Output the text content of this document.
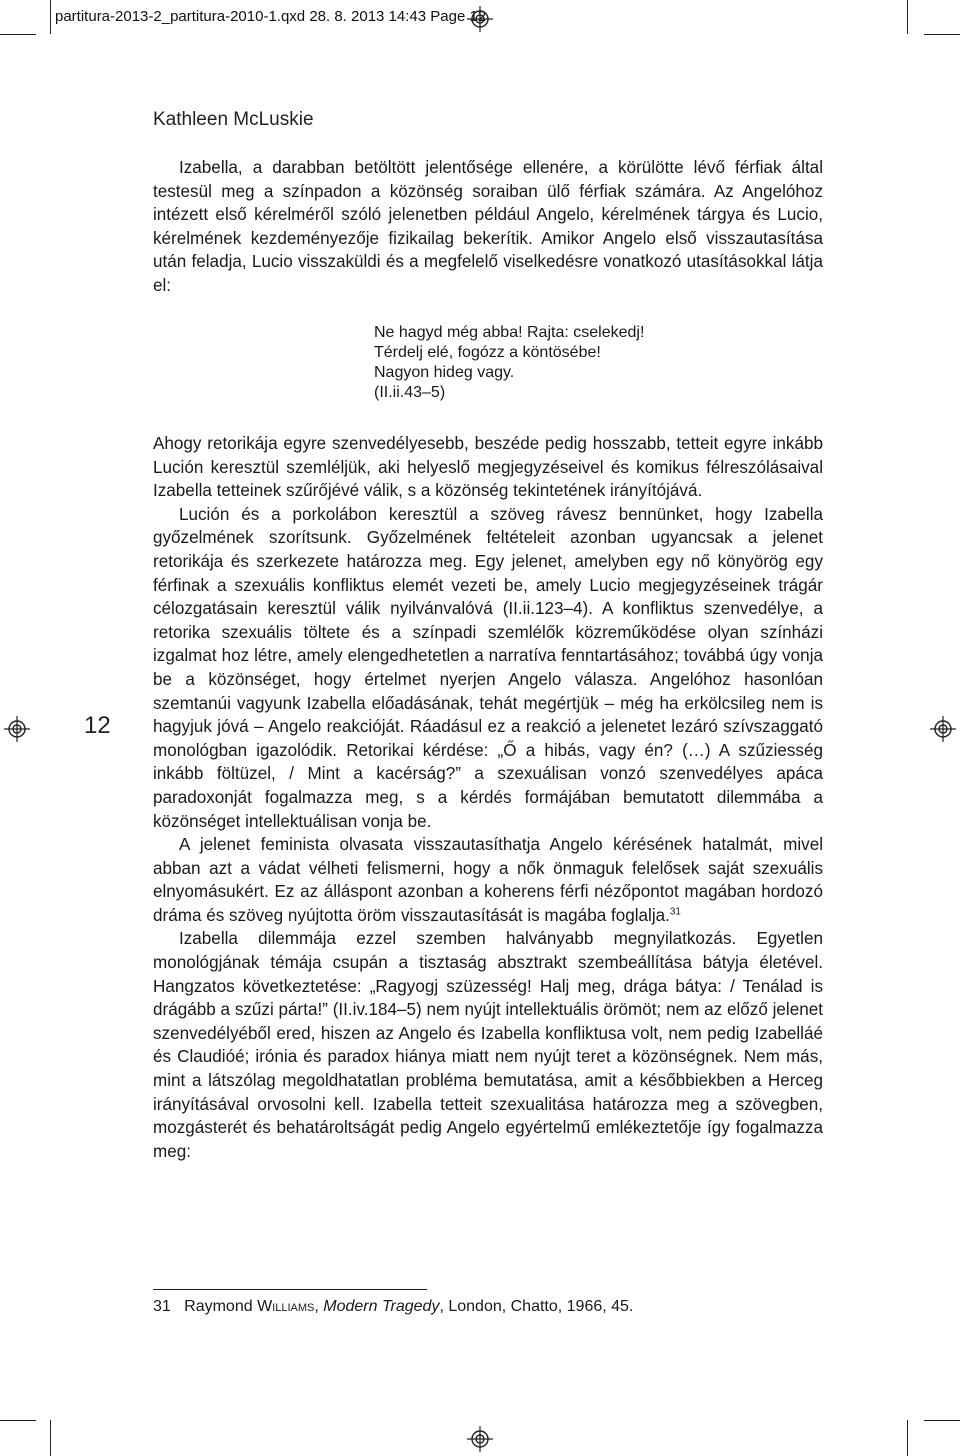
partitura-2013-2_partitura-2010-1.qxd 28. 8. 2013 14:43 Page 12
Kathleen McLuskie
12

Izabella, a darabban betöltött jelentősége ellenére, a körülötte lévő férfiak által testesül meg a színpadon a közönség soraiban ülő férfiak számára. Az Angelóhoz intézett első kérelméről szóló jelenetben például Angelo, kérelmének tárgya és Lucio, kérelmének kezdeményezője fizikailag bekerítik. Amikor Angelo első visszautasítása után feladja, Lucio visszaküldi és a megfelelő viselkedésre vonatkozó utasításokkal látja el:

Ne hagyd még abba! Rajta: cselekedj!
Térdelj elé, fogózz a köntösébe!
Nagyon hideg vagy.
(II.ii.43–5)

Ahogy retorikája egyre szenvedélyesebb, beszéde pedig hosszabb, tetteit egyre inkább Lución keresztül szemléljük, aki helyeslő megjegyzéseivel és komikus félreszólásaival Izabella tetteinek szűrőjévé válik, s a közönség tekintetének irányítójává.

Lución és a porkolábon keresztül a szöveg rávesz bennünket, hogy Izabella győzelmének szorítsunk. Győzelmének feltételeit azonban ugyancsak a jelenet retorikája és szerkezete határozza meg. Egy jelenet, amelyben egy nő könyörög egy férfinak a szexuális konfliktus elemét vezeti be, amely Lucio megjegyzéseinek trágár célozgatásain keresztül válik nyilvánvalóvá (II.ii.123–4). A konfliktus szenvedélye, a retorika szexuális töltete és a színpadi szemlélők közreműködése olyan színházi izgalmat hoz létre, amely elengedhetetlen a narratíva fenntartásához; továbbá úgy vonja be a közönséget, hogy értelmet nyerjen Angelo válasza. Angelóhoz hasonlóan szemtanúi vagyunk Izabella előadásának, tehát megértjük – még ha erkölcsileg nem is hagyjuk jóvá – Angelo reakcióját. Ráadásul ez a reakció a jelenetet lezáró szívszaggató monológban igazolódik. Retorikai kérdése: „Ő a hibás, vagy én? (…) A szűziesség inkább föltüzel, / Mint a kacérság?” a szexuálisan vonzó szenvedélyes apáca paradoxonját fogalmazza meg, s a kérdés formájában bemutatott dilemmába a közönséget intellektuálisan vonja be.

A jelenet feminista olvasata visszautasíthatja Angelo kérésének hatalmát, mivel abban azt a vádat vélheti felismerni, hogy a nők önmaguk felelősek saját szexuális elnyomásukért. Ez az álláspont azonban a koherens férfi nézőpontot magában hordozó dráma és szöveg nyújtotta öröm visszautasítását is magába foglalja.$^{31}$

Izabella dilemmája ezzel szemben halványabb megnyilatkozás. Egyetlen monológjának témája csupán a tisztaság absztrakt szembeállítása bátyja életével. Hangzatos következtetése: „Ragyogj szüzesség! Halj meg, drága bátya: / Tenálad is drágább a szűzi párta!” (II.iv.184–5) nem nyújt intellektuális örömöt; nem az előző jelenet szenvedélyéből ered, hiszen az Angelo és Izabella konfliktusa volt, nem pedig Izabelláé és Claudióé; irónia és paradox hiánya miatt nem nyújt teret a közönségnek. Nem más, mint a látszólag megoldhatatlan probléma bemutatása, amit a későbbiekben a Herceg irányításával orvosolni kell. Izabella tetteit szexualitása határozza meg a szövegben, mozgásterét és behatároltságát pedig Angelo egyértelmű emlékeztetője így fogalmazza meg:

31 Raymond Williams, Modern Tragedy, London, Chatto, 1966, 45.
